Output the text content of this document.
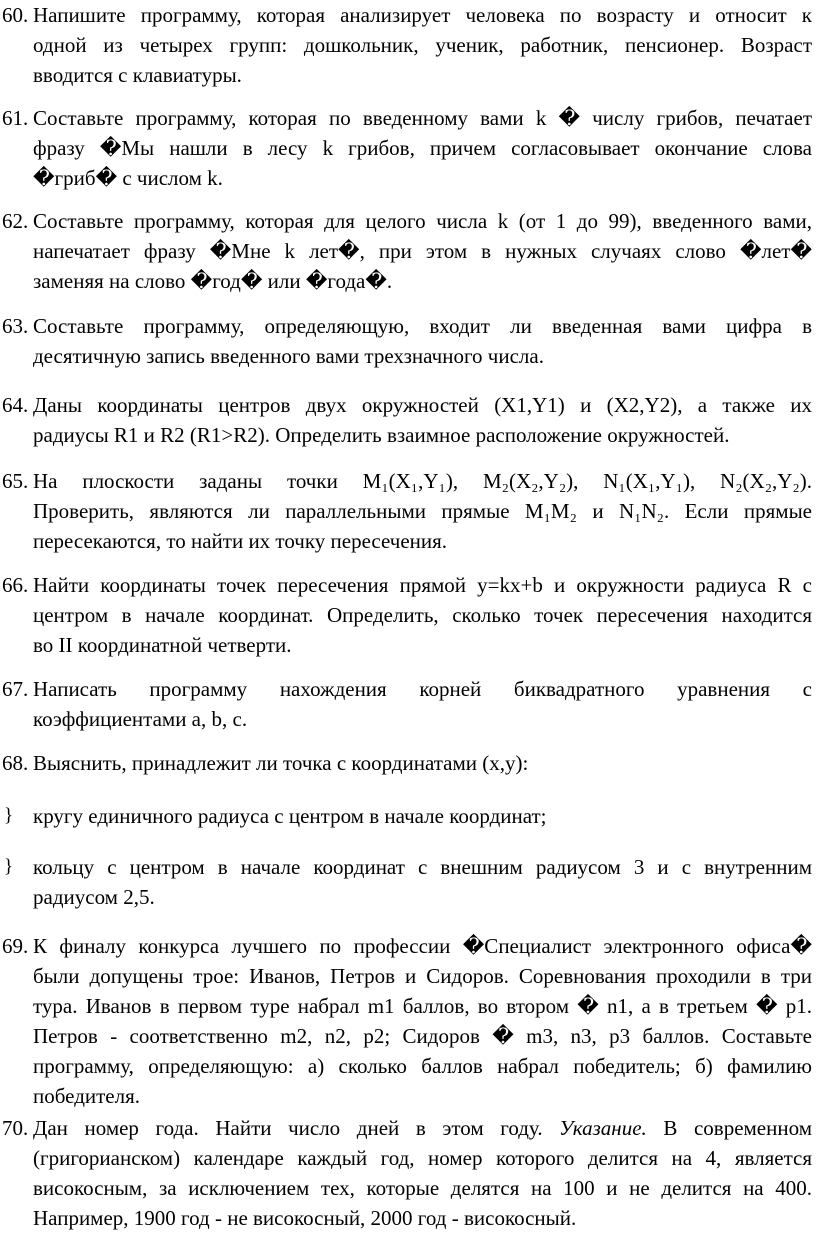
60. Напишите программу, которая анализирует человека по возрасту и относит к
одной из четырех групп: дошкольник, ученик, работник, пенсионер. Возраст
вводится с клавиатуры.
61. Составьте программу, которая по введенному вами k � числу грибов, печатает
фразу �Мы нашли в лесу k грибов, причем согласовывает окончание слова
�гриб� с числом k.
62. Составьте программу, которая для целого числа k (от 1 до 99), введенного вами,
напечатает фразу �Мне k лет�, при этом в нужных случаях слово �лет�
заменяя на слово �год� или �года�.
63. Составьте программу, определяющую, входит ли введенная вами цифра в
десятичную запись введенного вами трехзначного числа.
64. Даны координаты центров двух окружностей (X1,Y1) и (X2,Y2), а также их
радиусы R1 и R2 (R1>R2). Определить взаимное расположение окружностей.
65. На плоскости заданы точки M₁(X₁,Y₁), M₂(X₂,Y₂), N₁(X₁,Y₁), N₂(X₂,Y₂).
Проверить, являются ли параллельными прямые M₁M₂ и N₁N₂. Если прямые
пересекаются, то найти их точку пересечения.
66. Найти координаты точек пересечения прямой y=kx+b и окружности радиуса R с
центром в начале координат. Определить, сколько точек пересечения находится
во II координатной четверти.
67. Написать программу нахождения корней биквадратного уравнения с
коэффициентами a, b, c.
68. Выяснить, принадлежит ли точка с координатами (x,y):
} кругу единичного радиуса с центром в начале координат;
} кольцу с центром в начале координат с внешним радиусом 3 и с внутренним
радиусом 2,5.
69. К финалу конкурса лучшего по профессии �Специалист электронного офиса�
были допущены трое: Иванов, Петров и Сидоров. Соревнования проходили в три
тура. Иванов в первом туре набрал m1 баллов, во втором � n1, а в третьем � p1.
Петров - соответственно m2, n2, p2; Сидоров � m3, n3, p3 баллов. Составьте
программу, определяющую: а) сколько баллов набрал победитель; б) фамилию
победителя.
70. Дан номер года. Найти число дней в этом году. Указание. В современном
(григорианском) календаре каждый год, номер которого делится на 4, является
високосным, за исключением тех, которые делятся на 100 и не делится на 400.
Например, 1900 год - не високосный, 2000 год - високосный.
